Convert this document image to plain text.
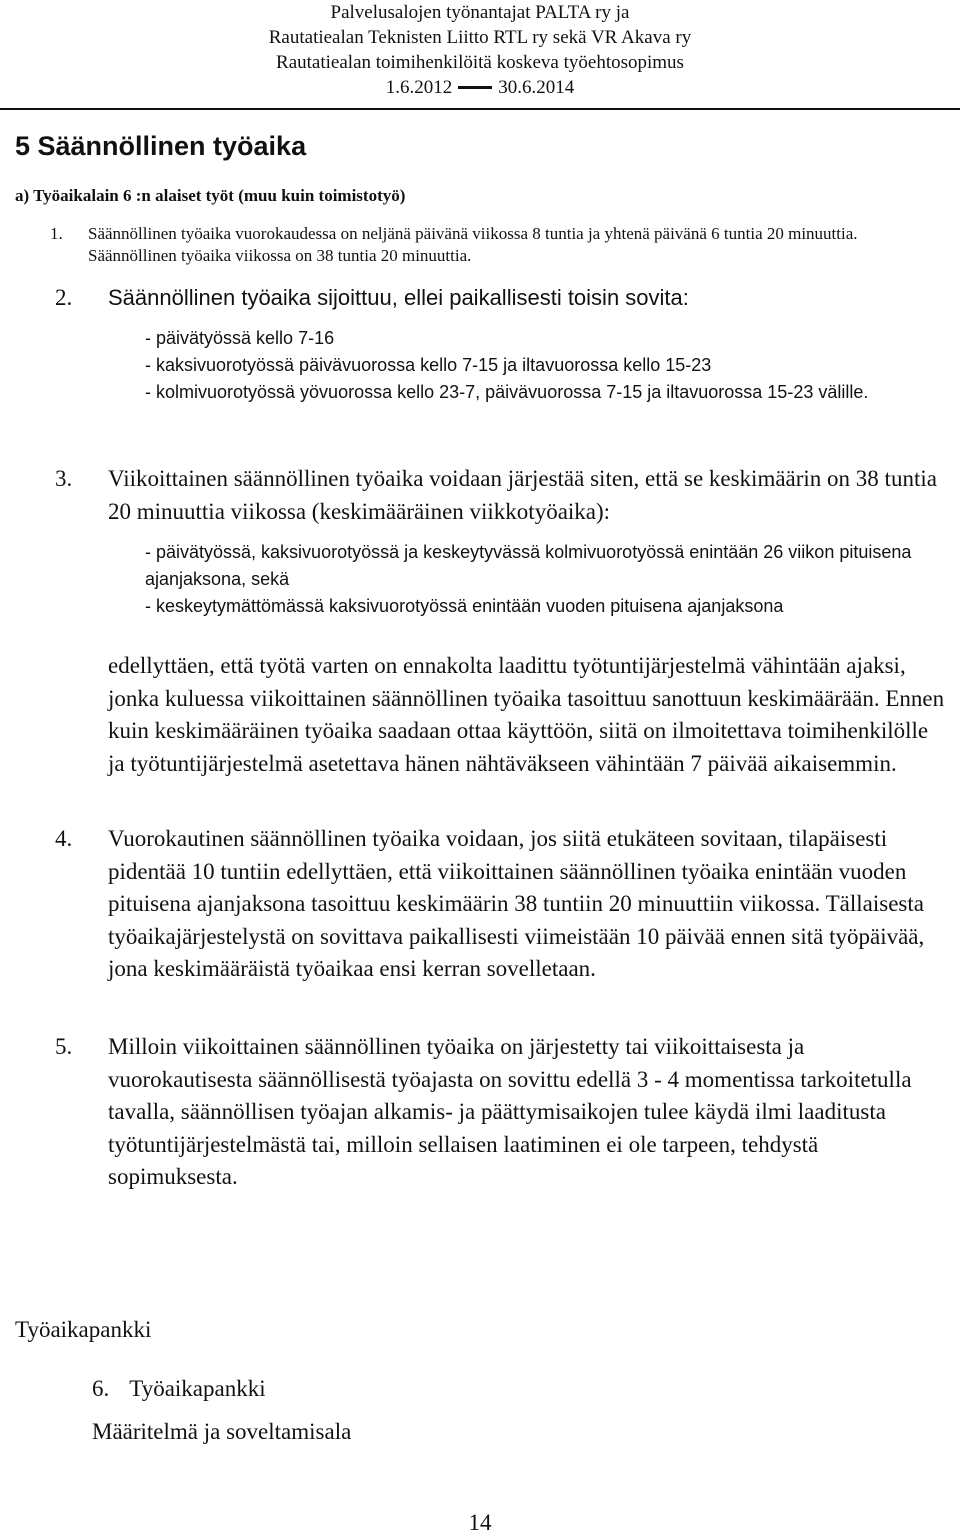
Palvelusalojen työnantajat PALTA ry ja
Rautatiealan Teknisten Liitto RTL ry sekä VR Akava ry
Rautatiealan toimihenkilöitä koskeva työehtosopimus
1.6.2012 30.6.2014
5 Säännöllinen työaika
a) Työaikalain 6 :n alaiset työt (muu kuin toimistotyö)
1. Säännöllinen työaika vuorokaudessa on neljänä päivänä viikossa 8 tuntia ja yhtenä päivänä 6 tuntia 20 minuuttia. Säännöllinen työaika viikossa on 38 tuntia 20 minuuttia.
2. Säännöllinen työaika sijoittuu, ellei paikallisesti toisin sovita:
- päivätyössä kello 7-16
- kaksivuorotyössä päivävuorossa kello 7-15 ja iltavuorossa kello 15-23
- kolmivuorotyössä yövuorossa kello 23-7, päivävuorossa 7-15 ja iltavuorossa 15-23 välille.
3. Viikoittainen säännöllinen työaika voidaan järjestää siten, että se keskimäärin on 38 tuntia 20 minuuttia viikossa (keskimääräinen viikkotyöaika):
- päivätyössä, kaksivuorotyössä ja keskeytyvässä kolmivuorotyössä enintään 26 viikon pituisena ajanjaksona, sekä
- keskeytymättömässä kaksivuorotyössä enintään vuoden pituisena ajanjaksona
edellyttäen, että työtä varten on ennakolta laadittu työtuntijärjestelmä vähintään ajaksi, jonka kuluessa viikoittainen säännöllinen työaika tasoittuu sanottuun keskimäärään. Ennen kuin keskimääräinen työaika saadaan ottaa käyttöön, siitä on ilmoitettava toimihenkilölle ja työtuntijärjestelmä asetettava hänen nähtäväkseen vähintään 7 päivää aikaisemmin.
4. Vuorokautinen säännöllinen työaika voidaan, jos siitä etukäteen sovitaan, tilapäisesti pidentää 10 tuntiin edellyttäen, että viikoittainen säännöllinen työaika enintään vuoden pituisena ajanjaksona tasoittuu keskimäärin 38 tuntiin 20 minuuttiin viikossa. Tällaisesta työaikajärjestelystä on sovittava paikallisesti viimeistään 10 päivää ennen sitä työpäivää, jona keskimääräistä työaikaa ensi kerran sovelletaan.
5. Milloin viikoittainen säännöllinen työaika on järjestetty tai viikoittaisesta ja vuorokautisesta säännöllisestä työajasta on sovittu edellä 3 - 4 momentissa tarkoitetulla tavalla, säännöllisen työajan alkamis- ja päättymisaikojen tulee käydä ilmi laaditusta työtuntijärjestelmästä tai, milloin sellaisen laatiminen ei ole tarpeen, tehdystä sopimuksesta.
Työaikapankki
6. Työaikapankki
Määritelmä ja soveltamisala
14
